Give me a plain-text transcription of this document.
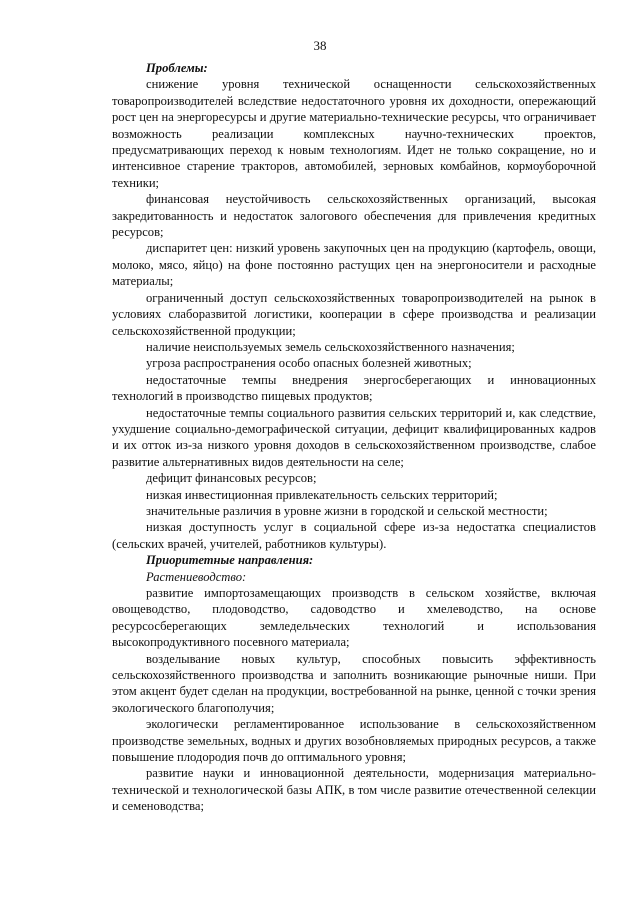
38

Проблемы:

снижение уровня технической оснащенности сельскохозяйственных товаропроизводителей вследствие недостаточного уровня их доходности, опережающий рост цен на энергоресурсы и другие материально-технические ресурсы, что ограничивает возможность реализации комплексных научно-технических проектов, предусматривающих переход к новым технологиям. Идет не только сокращение, но и интенсивное старение тракторов, автомобилей, зерновых комбайнов, кормоуборочной техники;

финансовая неустойчивость сельскохозяйственных организаций, высокая закредитованность и недостаток залогового обеспечения для привлечения кредитных ресурсов;

диспаритет цен: низкий уровень закупочных цен на продукцию (картофель, овощи, молоко, мясо, яйцо) на фоне постоянно растущих цен на энергоносители и расходные материалы;

ограниченный доступ сельскохозяйственных товаропроизводителей на рынок в условиях слаборазвитой логистики, кооперации в сфере производства и реализации сельскохозяйственной продукции;

наличие неиспользуемых земель сельскохозяйственного назначения;

угроза распространения особо опасных болезней животных;

недостаточные темпы внедрения энергосберегающих и инновационных технологий в производство пищевых продуктов;

недостаточные темпы социального развития сельских территорий и, как следствие, ухудшение социально-демографической ситуации, дефицит квалифицированных кадров и их отток из-за низкого уровня доходов в сельскохозяйственном производстве, слабое развитие альтернативных видов деятельности на селе;

дефицит финансовых ресурсов;

низкая инвестиционная привлекательность сельских территорий;

значительные различия в уровне жизни в городской и сельской местности;

низкая доступность услуг в социальной сфере из-за недостатка специалистов (сельских врачей, учителей, работников культуры).

Приоритетные направления:

Растениеводство:

развитие импортозамещающих производств в сельском хозяйстве, включая овощеводство, плодоводство, садоводство и хмелеводство, на основе ресурсосберегающих земледельческих технологий и использования высокопродуктивного посевного материала;

возделывание новых культур, способных повысить эффективность сельскохозяйственного производства и заполнить возникающие рыночные ниши. При этом акцент будет сделан на продукции, востребованной на рынке, ценной с точки зрения экологического благополучия;

экологически регламентированное использование в сельскохозяйственном производстве земельных, водных и других возобновляемых природных ресурсов, а также повышение плодородия почв до оптимального уровня;

развитие науки и инновационной деятельности, модернизация материально-технической и технологической базы АПК, в том числе развитие отечественной селекции и семеноводства;
